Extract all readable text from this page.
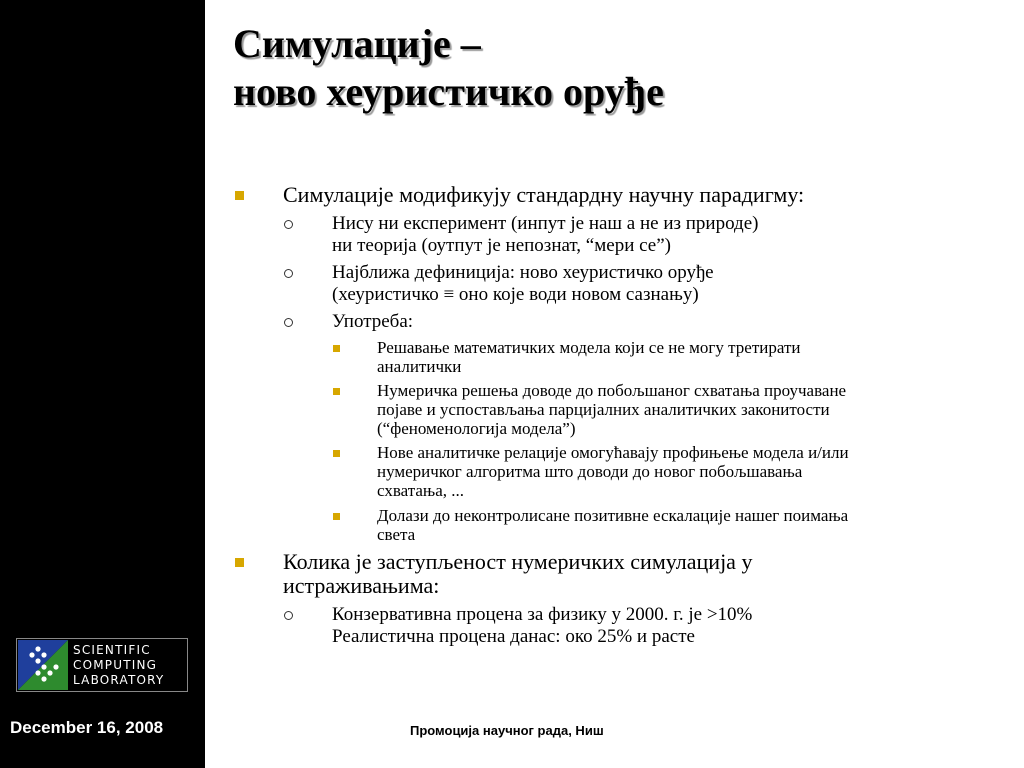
Симулације –
ново хеуристичко оруђе
Симулације модификују стандардну научну парадигму:
Нису ни експеримент (инпут је наш а не из природе)
ни теорија (оутпут је непознат, “мери се”)
Најближа дефиниција: ново хеуристичко оруђе
(хеуристичко ≡ оно које води новом сазнању)
Употреба:
Решавање математичких модела који се не могу третирати
аналитички
Нумеричка решења доводе до побољшаног схватања проучаване
појаве и успостављања парцијалних аналитичких законитости
(“феноменологија модела”)
Нове аналитичке релације омогућавају профињење модела и/или
нумеричког алгоритма што доводи до новог побољшавања
схватања, ...
Долази до неконтролисане позитивне ескалације нашег поимања
света
Колика је заступљеност нумеричких симулација у
истраживањима:
Конзервативна процена за физику у 2000. г. је >10%
Реалистична процена данас: око 25% и расте
SCIENTIFIC
COMPUTING
LABORATORY
December 16, 2008	Промоција научног рада, Ниш
